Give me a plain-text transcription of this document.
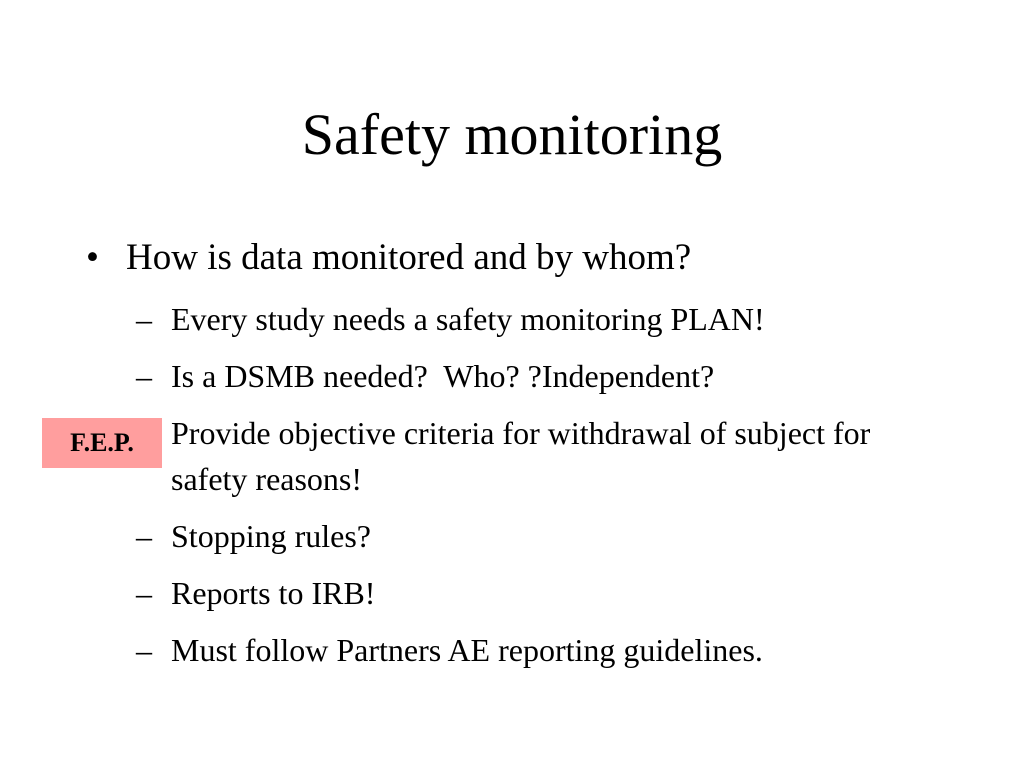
Safety monitoring
• How is data monitored and by whom?
– Every study needs a safety monitoring PLAN!
– Is a DSMB needed?  Who? ?Independent?
Provide objective criteria for withdrawal of subject for safety reasons!
– Stopping rules?
– Reports to IRB!
– Must follow Partners AE reporting guidelines.
F.E.P.
